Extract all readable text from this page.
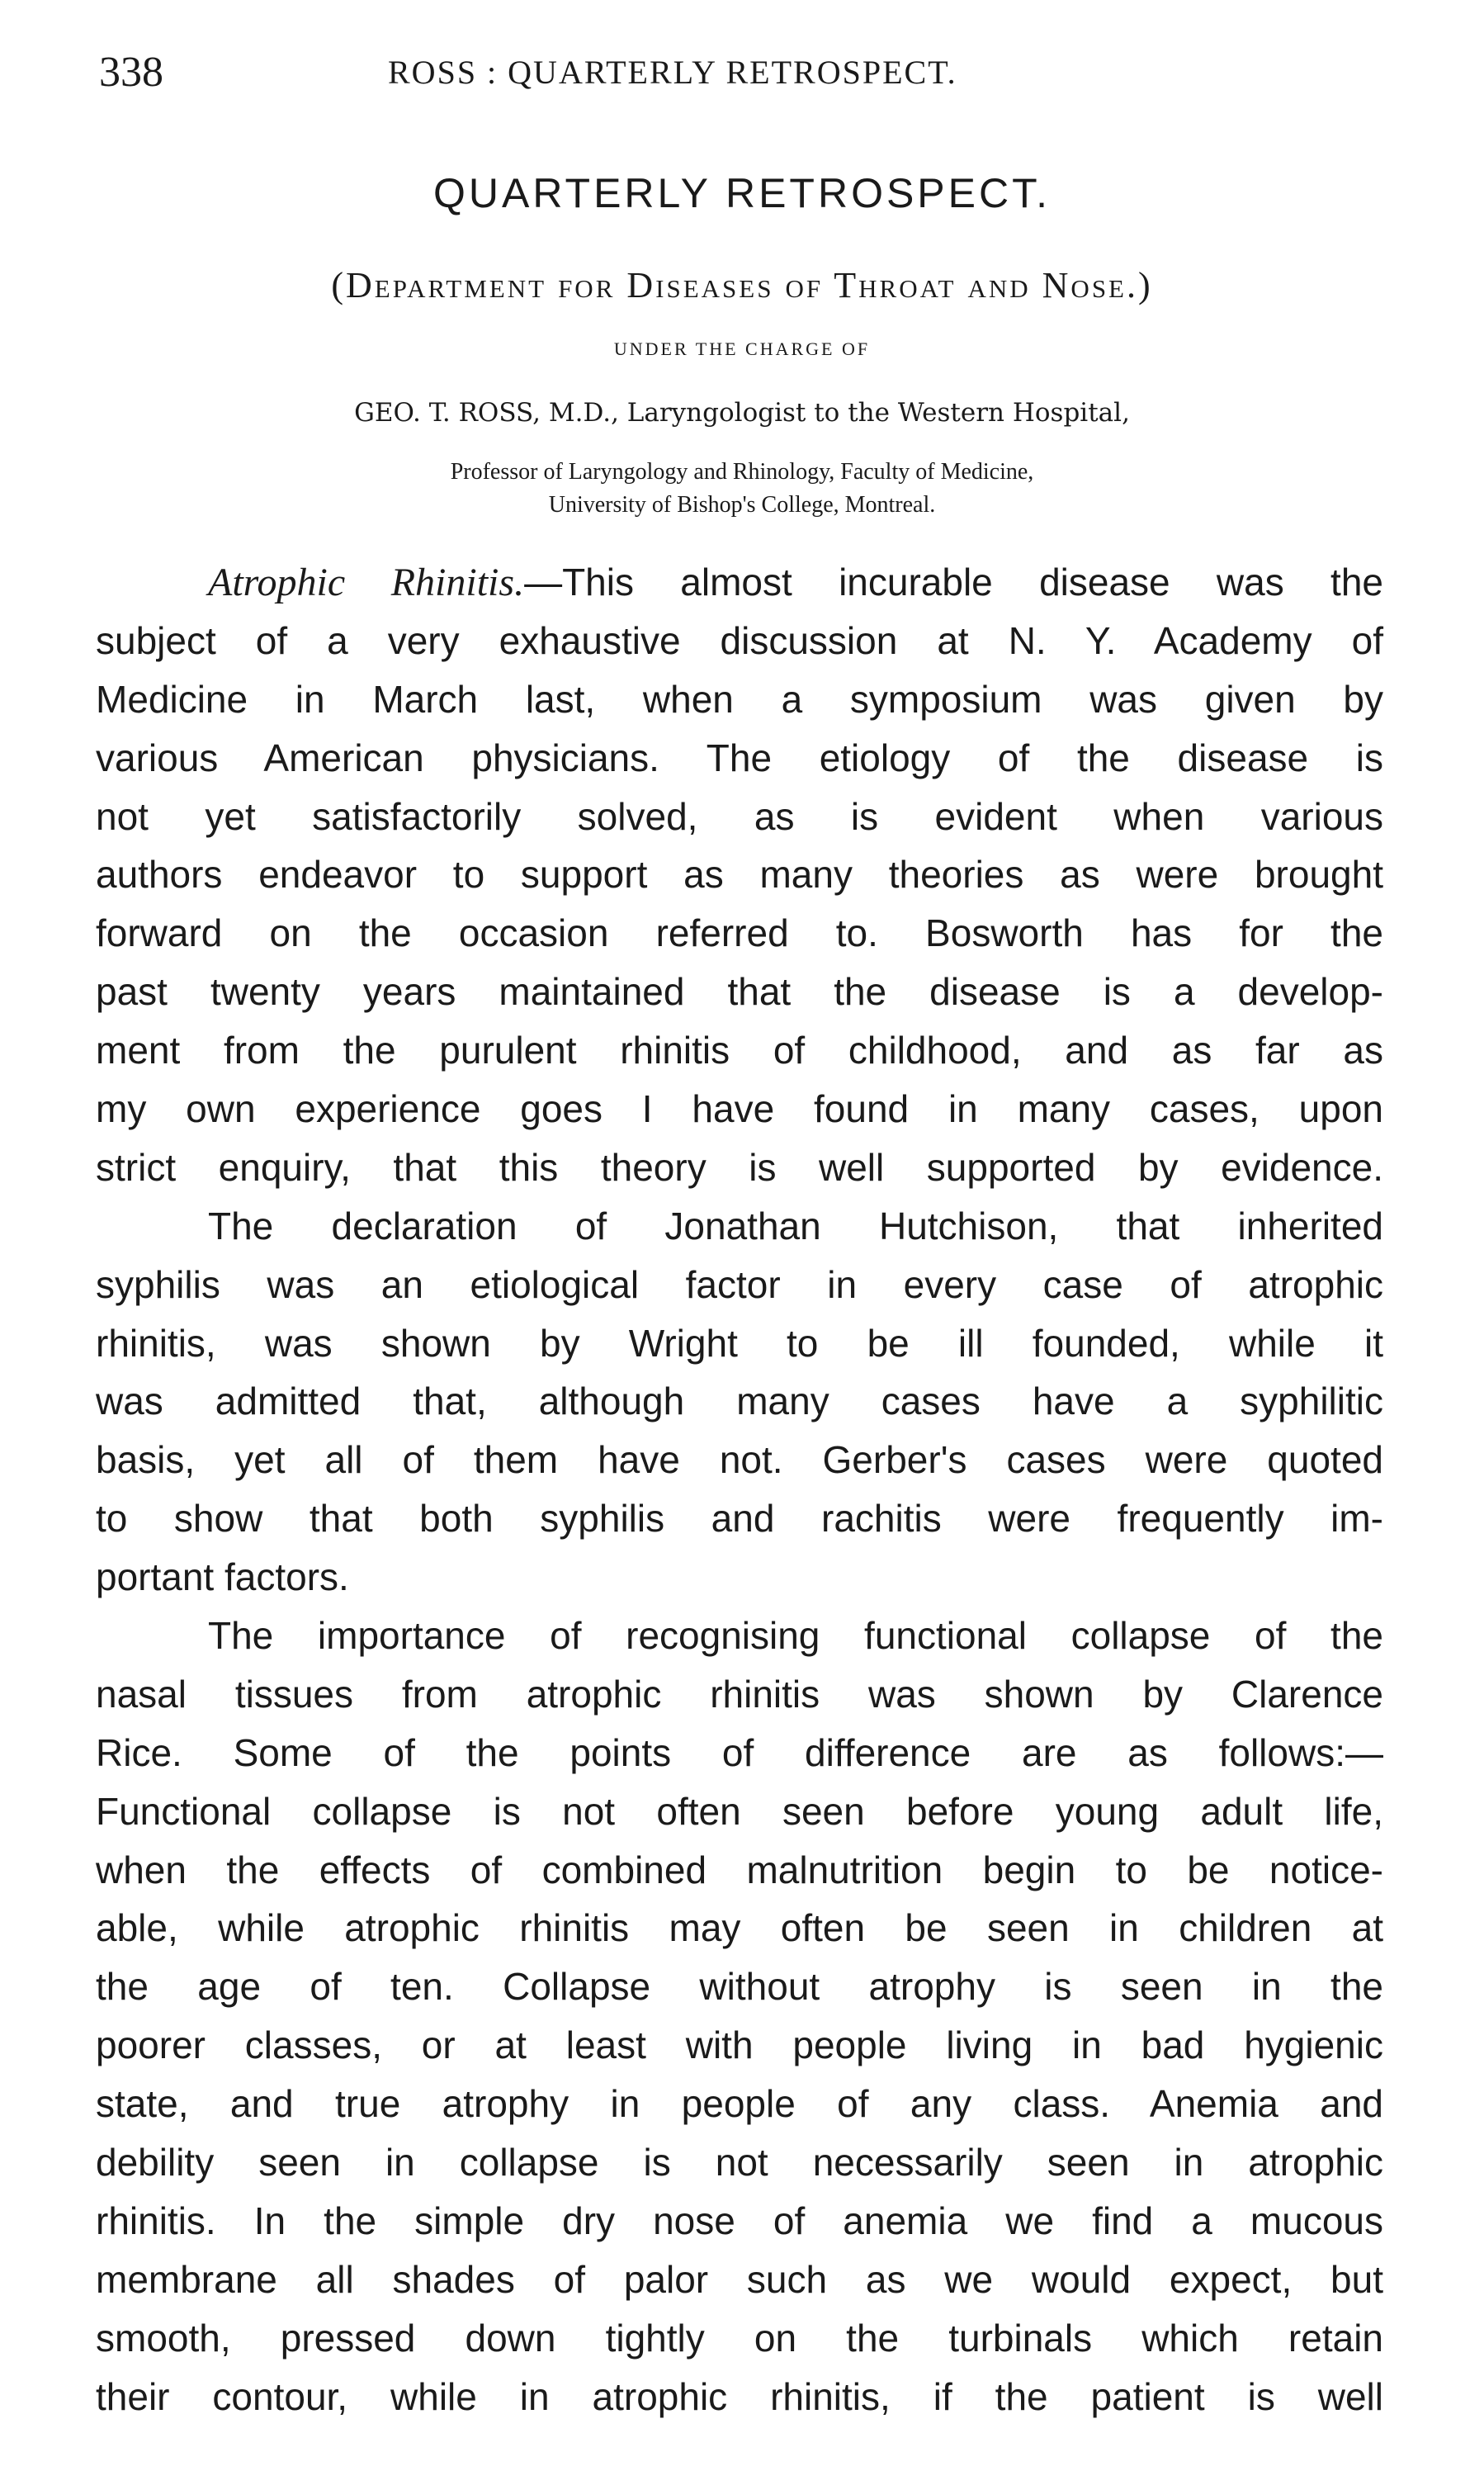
338	ROSS : QUARTERLY RETROSPECT.
QUARTERLY RETROSPECT.
(Department for Diseases of Throat and Nose.)
UNDER THE CHARGE OF
GEO. T. ROSS, M.D., Laryngologist to the Western Hospital,
Professor of Laryngology and Rhinology, Faculty of Medicine,
University of Bishop's College, Montreal.
Atrophic Rhinitis.—This almost incurable disease was the
subject of a very exhaustive discussion at N. Y. Academy of
Medicine in March last, when a symposium was given by
various American physicians. The etiology of the disease is
not yet satisfactorily solved, as is evident when various
authors endeavor to support as many theories as were brought
forward on the occasion referred to. Bosworth has for the
past twenty years maintained that the disease is a develop-
ment from the purulent rhinitis of childhood, and as far as
my own experience goes I have found in many cases, upon
strict enquiry, that this theory is well supported by evidence.
The declaration of Jonathan Hutchison, that inherited
syphilis was an etiological factor in every case of atrophic
rhinitis, was shown by Wright to be ill founded, while it
was admitted that, although many cases have a syphilitic
basis, yet all of them have not. Gerber's cases were quoted
to show that both syphilis and rachitis were frequently im-
portant factors.
The importance of recognising functional collapse of the
nasal tissues from atrophic rhinitis was shown by Clarence
Rice. Some of the points of difference are as follows:—
Functional collapse is not often seen before young adult life,
when the effects of combined malnutrition begin to be notice-
able, while atrophic rhinitis may often be seen in children at
the age of ten. Collapse without atrophy is seen in the
poorer classes, or at least with people living in bad hygienic
state, and true atrophy in people of any class. Anemia and
debility seen in collapse is not necessarily seen in atrophic
rhinitis. In the simple dry nose of anemia we find a mucous
membrane all shades of palor such as we would expect, but
smooth, pressed down tightly on the turbinals which retain
their contour, while in atrophic rhinitis, if the patient is well
